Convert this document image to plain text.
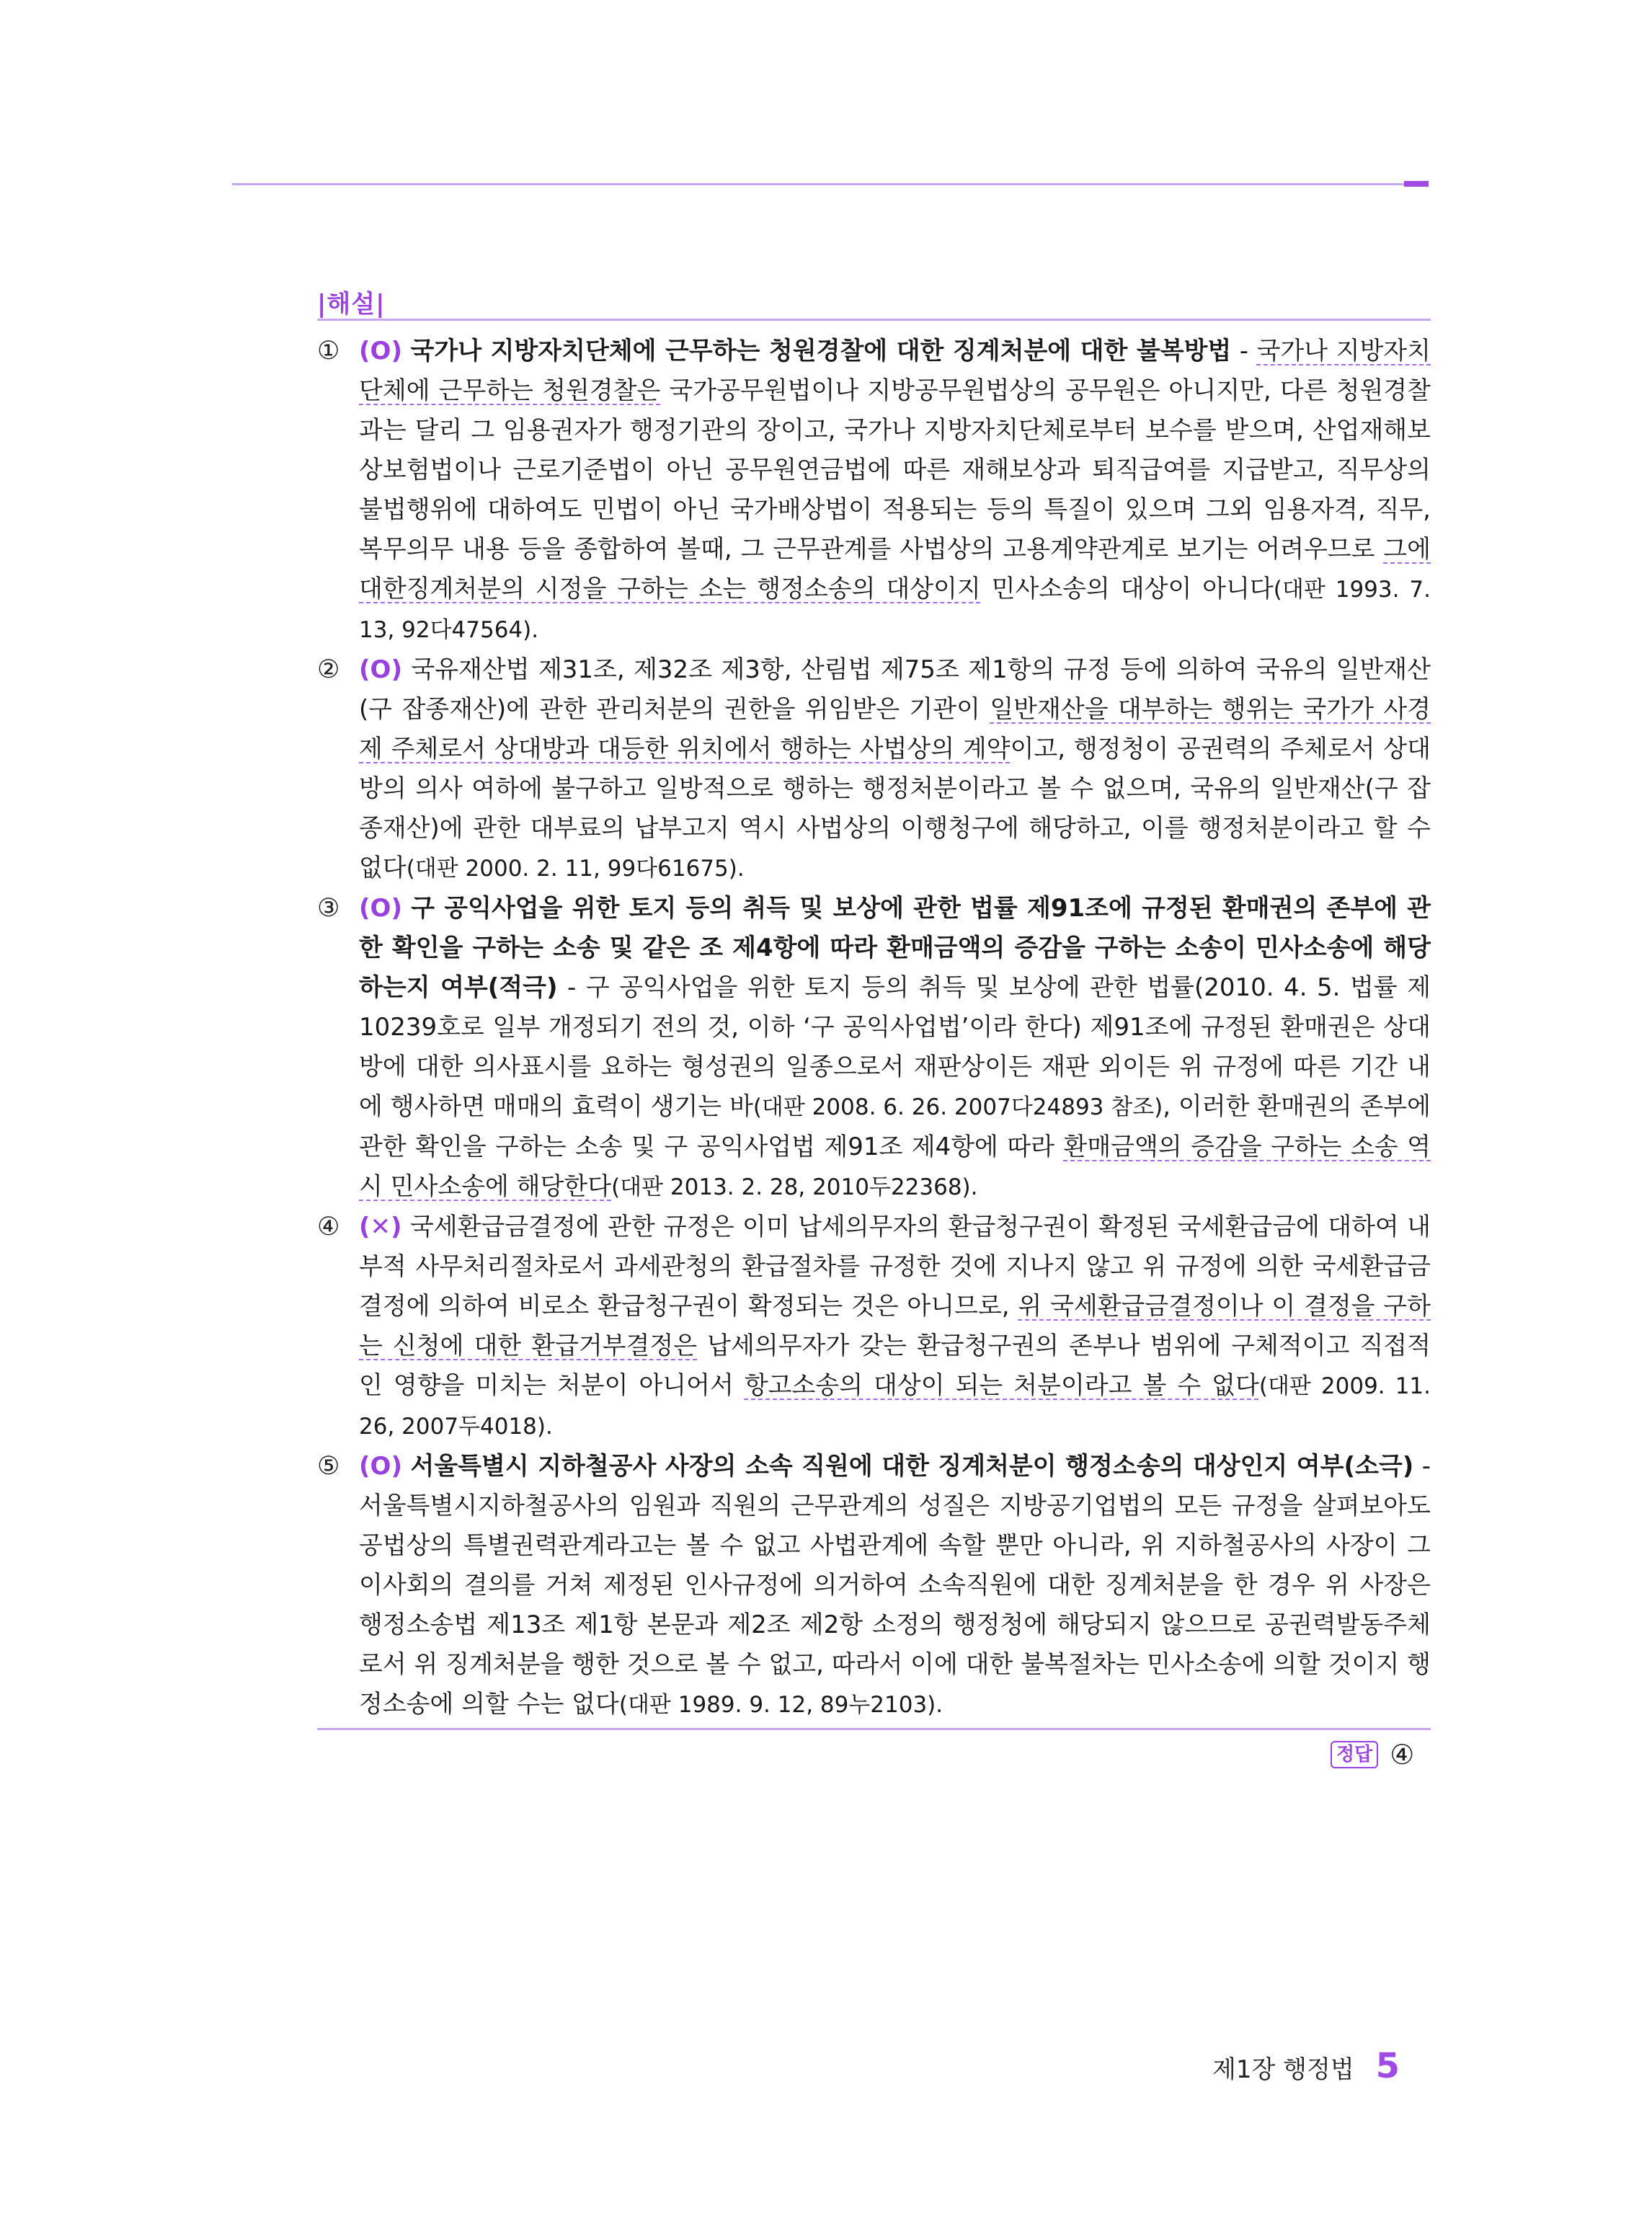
|해설|
① (O) 국가나 지방자치단체에 근무하는 청원경찰에 대한 징계처분에 대한 불복방법 - 국가나 지방자치단체에 근무하는 청원경찰은 국가공무원법이나 지방공무원법상의 공무원은 아니지만, 다른 청원경찰과는 달리 그 임용권자가 행정기관의 장이고, 국가나 지방자치단체로부터 보수를 받으며, 산업재해보상보험법이나 근로기준법이 아닌 공무원연금법에 따른 재해보상과 퇴직급여를 지급받고, 직무상의 불법행위에 대하여도 민법이 아닌 국가배상법이 적용되는 등의 특질이 있으며 그외 임용자격, 직무, 복무의무 내용 등을 종합하여 볼때, 그 근무관계를 사법상의 고용계약관계로 보기는 어려우므로 그에 대한징계처분의 시정을 구하는 소는 행정소송의 대상이지 민사소송의 대상이 아니다(대판 1993. 7. 13, 92다47564).
② (O) 국유재산법 제31조, 제32조 제3항, 산림법 제75조 제1항의 규정 등에 의하여 국유의 일반재산(구 잡종재산)에 관한 관리처분의 권한을 위임받은 기관이 일반재산을 대부하는 행위는 국가가 사경제 주체로서 상대방과 대등한 위치에서 행하는 사법상의 계약이고, 행정청이 공권력의 주체로서 상대방의 의사 여하에 불구하고 일방적으로 행하는 행정처분이라고 볼 수 없으며, 국유의 일반재산(구 잡종재산)에 관한 대부료의 납부고지 역시 사법상의 이행청구에 해당하고, 이를 행정처분이라고 할 수 없다(대판 2000. 2. 11, 99다61675).
③ (O) 구 공익사업을 위한 토지 등의 취득 및 보상에 관한 법률 제91조에 규정된 환매권의 존부에 관한 확인을 구하는 소송 및 같은 조 제4항에 따라 환매금액의 증감을 구하는 소송이 민사소송에 해당하는지 여부(적극) - 구 공익사업을 위한 토지 등의 취득 및 보상에 관한 법률(2010. 4. 5. 법률 제10239호로 일부 개정되기 전의 것, 이하 ‘구 공익사업법’이라 한다) 제91조에 규정된 환매권은 상대방에 대한 의사표시를 요하는 형성권의 일종으로서 재판상이든 재판 외이든 위 규정에 따른 기간 내에 행사하면 매매의 효력이 생기는 바(대판 2008. 6. 26. 2007다24893 참조), 이러한 환매권의 존부에 관한 확인을 구하는 소송 및 구 공익사업법 제91조 제4항에 따라 환매금액의 증감을 구하는 소송 역시 민사소송에 해당한다(대판 2013. 2. 28, 2010두22368).
④ (✕) 국세환급금결정에 관한 규정은 이미 납세의무자의 환급청구권이 확정된 국세환급금에 대하여 내부적 사무처리절차로서 과세관청의 환급절차를 규정한 것에 지나지 않고 위 규정에 의한 국세환급금결정에 의하여 비로소 환급청구권이 확정되는 것은 아니므로, 위 국세환급금결정이나 이 결정을 구하는 신청에 대한 환급거부결정은 납세의무자가 갖는 환급청구권의 존부나 범위에 구체적이고 직접적인 영향을 미치는 처분이 아니어서 항고소송의 대상이 되는 처분이라고 볼 수 없다(대판 2009. 11. 26, 2007두4018).
⑤ (O) 서울특별시 지하철공사 사장의 소속 직원에 대한 징계처분이 행정소송의 대상인지 여부(소극) - 서울특별시지하철공사의 임원과 직원의 근무관계의 성질은 지방공기업법의 모든 규정을 살펴보아도 공법상의 특별권력관계라고는 볼 수 없고 사법관계에 속할 뿐만 아니라, 위 지하철공사의 사장이 그 이사회의 결의를 거쳐 제정된 인사규정에 의거하여 소속직원에 대한 징계처분을 한 경우 위 사장은 행정소송법 제13조 제1항 본문과 제2조 제2항 소정의 행정청에 해당되지 않으므로 공권력발동주체로서 위 징계처분을 행한 것으로 볼 수 없고, 따라서 이에 대한 불복절차는 민사소송에 의할 것이지 행정소송에 의할 수는 없다(대판 1989. 9. 12, 89누2103).
정답 ④
제1장 행정법 5
